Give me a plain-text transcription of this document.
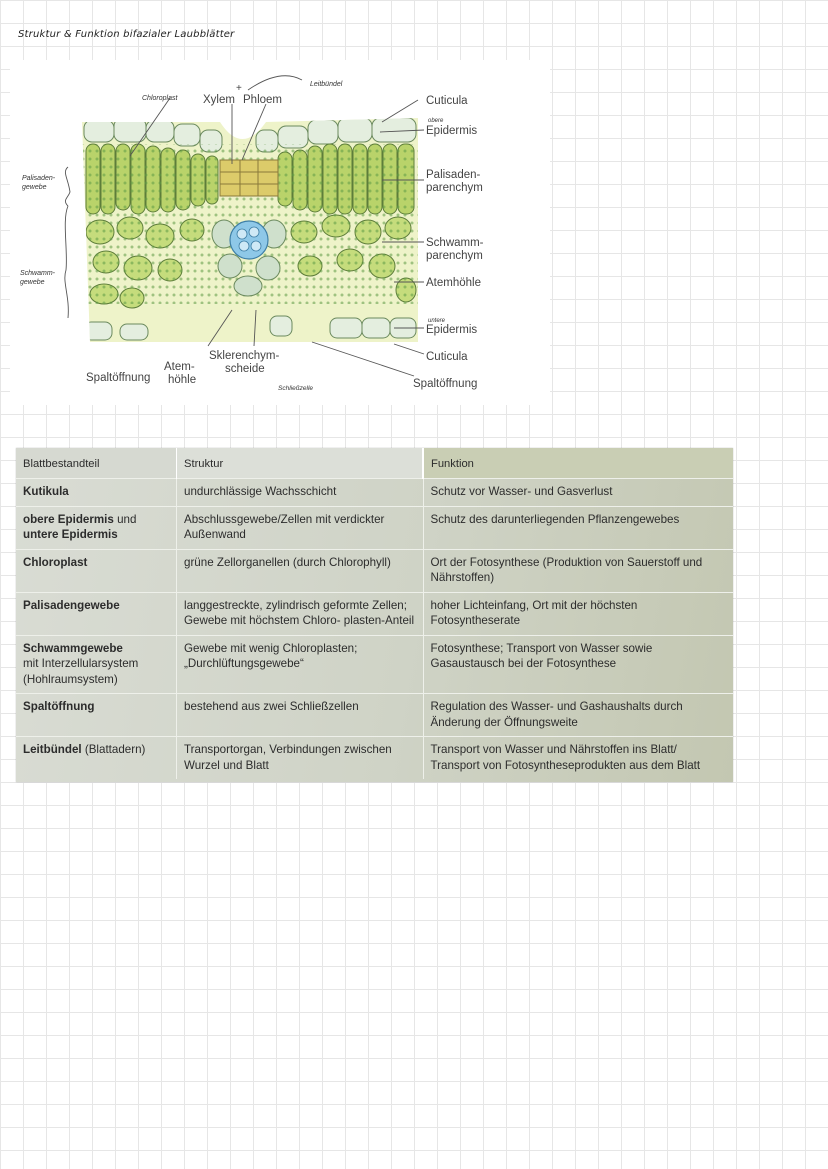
Struktur & Funktion bifazialer Laubblätter
Xylem Phloem
+
Cuticula
Epidermis
Palisaden-
parenchym
Schwamm-
parenchym
Atemhöhle
Epidermis
Cuticula
Spaltöffnung
Spaltöffnung
Atem-
höhle
Sklerenchym-
scheide
Chloroplast
Leitbündel
obere
untere
Palisaden-
gewebe
Schwamm-
gewebe
Schließzelle
Blattbestandteil	Struktur	Funktion
Kutikula	undurchlässige Wachsschicht	Schutz vor Wasser- und Gasverlust
obere Epidermis und
untere Epidermis	Abschlussgewebe/Zellen mit verdickter Außenwand	Schutz des darunterliegenden Pflanzengewebes
Chloroplast	grüne Zellorganellen (durch Chlorophyll)	Ort der Fotosynthese (Produktion von Sauerstoff und Nährstoffen)
Palisadengewebe	langgestreckte, zylindrisch geformte Zellen; Gewebe mit höchstem Chloro- plasten-Anteil	hoher Lichteinfang, Ort mit der höchsten Fotosyntheserate
Schwammgewebe
mit Interzellularsystem (Hohlraumsystem)	Gewebe mit wenig Chloroplasten; „Durchlüftungsgewebe“	Fotosynthese; Transport von Wasser sowie Gasaustausch bei der Fotosynthese
Spaltöffnung	bestehend aus zwei Schließzellen	Regulation des Wasser- und Gashaushalts durch Änderung der Öffnungsweite
Leitbündel (Blattadern)	Transportorgan, Verbindungen zwischen Wurzel und Blatt	Transport von Wasser und Nährstoffen ins Blatt/ Transport von Fotosyntheseprodukten aus dem Blatt
